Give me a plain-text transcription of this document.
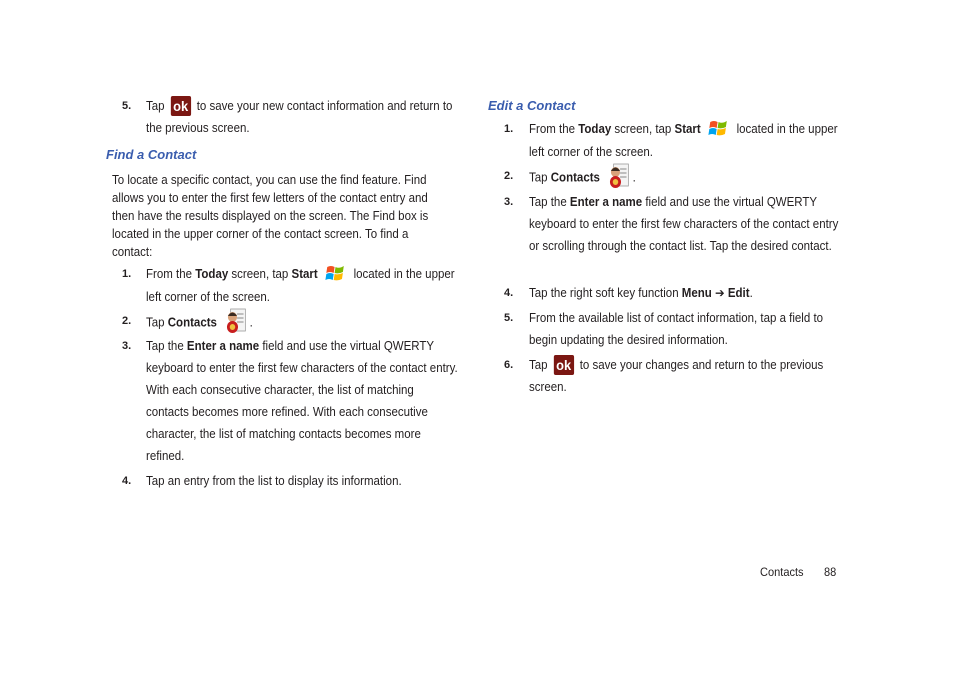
5. Tap ok to save your new contact information and return to the previous screen.
Find a Contact
To locate a specific contact, you can use the find feature. Find allows you to enter the first few letters of the contact entry and then have the results displayed on the screen. The Find box is located in the upper corner of the contact screen. To find a contact:
1. From the Today screen, tap Start	located in the upper left corner of the screen.
2. Tap Contacts	.
3. Tap the Enter a name field and use the virtual QWERTY keyboard to enter the first few characters of the contact entry. With each consecutive character, the list of matching contacts becomes more refined. With each consecutive character, the list of matching contacts becomes more refined.
4. Tap an entry from the list to display its information.
Edit a Contact
1. From the Today screen, tap Start	located in the upper left corner of the screen.
2. Tap Contacts	.
3. Tap the Enter a name field and use the virtual QWERTY keyboard to enter the first few characters of the contact entry or scrolling through the contact list. Tap the desired contact.
4. Tap the right soft key function Menu ➔ Edit.
5. From the available list of contact information, tap a field to begin updating the desired information.
6. Tap ok to save your changes and return to the previous screen.
Contacts 88
